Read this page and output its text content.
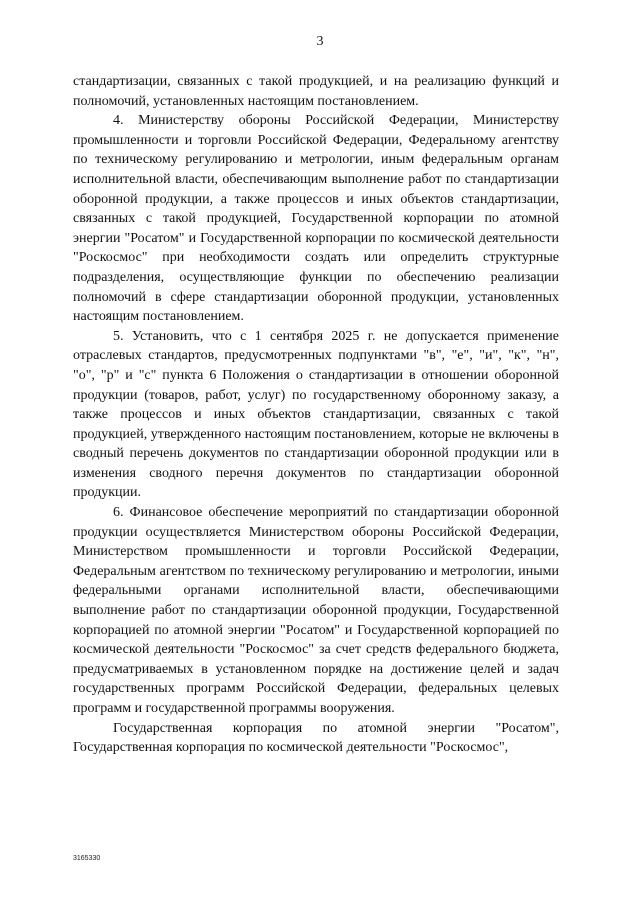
3

стандартизации, связанных с такой продукцией, и на реализацию функций и полномочий, установленных настоящим постановлением.

4. Министерству обороны Российской Федерации, Министерству промышленности и торговли Российской Федерации, Федеральному агентству по техническому регулированию и метрологии, иным федеральным органам исполнительной власти, обеспечивающим выполнение работ по стандартизации оборонной продукции, а также процессов и иных объектов стандартизации, связанных с такой продукцией, Государственной корпорации по атомной энергии "Росатом" и Государственной корпорации по космической деятельности "Роскосмос" при необходимости создать или определить структурные подразделения, осуществляющие функции по обеспечению реализации полномочий в сфере стандартизации оборонной продукции, установленных настоящим постановлением.

5. Установить, что с 1 сентября 2025 г. не допускается применение отраслевых стандартов, предусмотренных подпунктами "в", "е", "и", "к", "н", "о", "р" и "с" пункта 6 Положения о стандартизации в отношении оборонной продукции (товаров, работ, услуг) по государственному оборонному заказу, а также процессов и иных объектов стандартизации, связанных с такой продукцией, утвержденного настоящим постановлением, которые не включены в сводный перечень документов по стандартизации оборонной продукции или в изменения сводного перечня документов по стандартизации оборонной продукции.

6. Финансовое обеспечение мероприятий по стандартизации оборонной продукции осуществляется Министерством обороны Российской Федерации, Министерством промышленности и торговли Российской Федерации, Федеральным агентством по техническому регулированию и метрологии, иными федеральными органами исполнительной власти, обеспечивающими выполнение работ по стандартизации оборонной продукции, Государственной корпорацией по атомной энергии "Росатом" и Государственной корпорацией по космической деятельности "Роскосмос" за счет средств федерального бюджета, предусматриваемых в установленном порядке на достижение целей и задач государственных программ Российской Федерации, федеральных целевых программ и государственной программы вооружения.

Государственная корпорация по атомной энергии "Росатом", Государственная корпорация по космической деятельности "Роскосмос",

3165330
